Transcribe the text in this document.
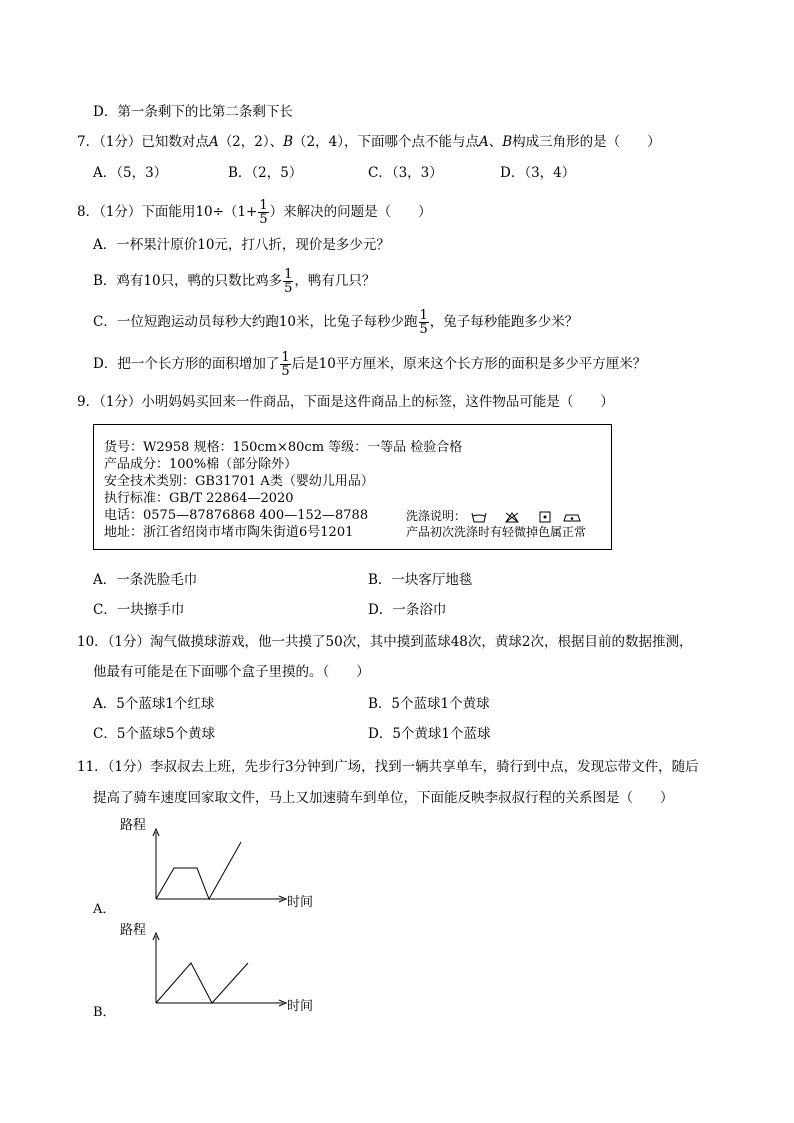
D．第一条剩下的比第二条剩下长
7．（1分）已知数对点A（2，2）、B（2，4），下面哪个点不能与点A、B构成三角形的是（　　）
A．（5，3）	B．（2，5）	C．（3，3）	D．（3，4）
8．（1分）下面能用$10\div(1+ \frac{1}{5}$ ）来解决的问题是（　　）
A．一杯果汁原价10元，打八折，现价是多少元？
B．鸡有10只，鸭的只数比鸡多 $\frac{1}{5}$ ，鸭有几只？
C．一位短跑运动员每秒大约跑10米，比兔子每秒少跑 $\frac{1}{5}$ ，兔子每秒能跑多少米？
D．把一个长方形的面积增加了 $\frac{1}{5}$ 后是10平方厘米，原来这个长方形的面积是多少平方厘米？
9．（1分）小明妈妈买回来一件商品，下面是这件商品上的标签，这件物品可能是（　　）
货号：W2958 规格：150cm×80cm 等级：一等品 检验合格
产品成分：100%棉（部分除外）
安全技术类别：GB31701 A类（婴幼儿用品）
执行标准：GB/T 22864—2020
电话：0575—87876868 400—152—8788
地址：浙江省绍岗市堵市陶朱街道6号1201
洗涤说明：
产品初次洗涤时有轻微掉色属正常
A．一条洗脸毛巾	B．一块客厅地毯
C．一块擦手巾	D．一条浴巾
10．（1分）淘气做摸球游戏，他一共摸了50次，其中摸到蓝球48次，黄球2次，根据目前的数据推测，
他最有可能是在下面哪个盒子里摸的。（　　）
A．5个蓝球1个红球	B．5个蓝球1个黄球
C．5个蓝球5个黄球	D．5个黄球1个蓝球
11．（1分）李叔叔去上班，先步行3分钟到广场，找到一辆共享单车，骑行到中点，发现忘带文件，随后
提高了骑车速度回家取文件，马上又加速骑车到单位，下面能反映李叔叔行程的关系图是（　　）
路程
时间
A．
路程
时间
B．
